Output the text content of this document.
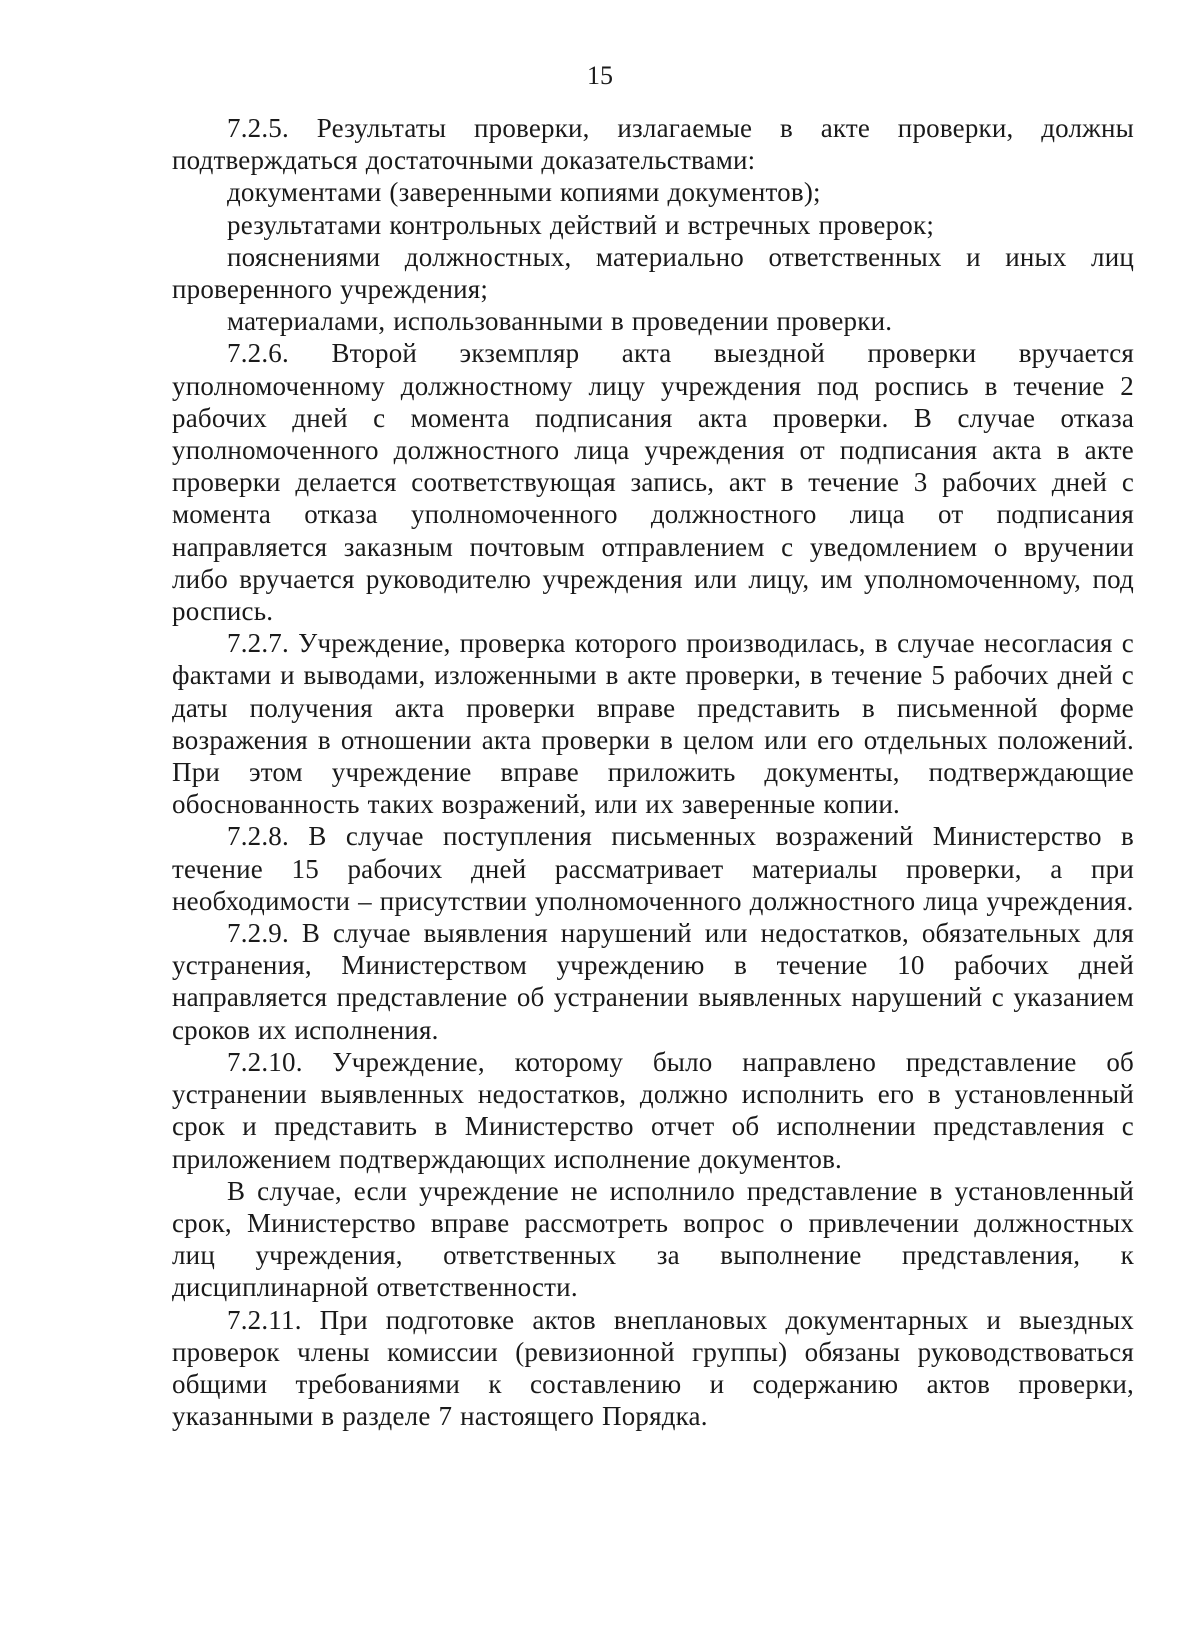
15

7.2.5. Результаты проверки, излагаемые в акте проверки, должны подтверждаться достаточными доказательствами:

документами (заверенными копиями документов);

результатами контрольных действий и встречных проверок;

пояснениями должностных, материально ответственных и иных лиц проверенного учреждения;

материалами, использованными в проведении проверки.

7.2.6. Второй экземпляр акта выездной проверки вручается уполномоченному должностному лицу учреждения под роспись в течение 2 рабочих дней с момента подписания акта проверки. В случае отказа уполномоченного должностного лица учреждения от подписания акта в акте проверки делается соответствующая запись, акт в течение 3 рабочих дней с момента отказа уполномоченного должностного лица от подписания направляется заказным почтовым отправлением с уведомлением о вручении либо вручается руководителю учреждения или лицу, им уполномоченному, под роспись.

7.2.7. Учреждение, проверка которого производилась, в случае несогласия с фактами и выводами, изложенными в акте проверки, в течение 5 рабочих дней с даты получения акта проверки вправе представить в письменной форме возражения в отношении акта проверки в целом или его отдельных положений. При этом учреждение вправе приложить документы, подтверждающие обоснованность таких возражений, или их заверенные копии.

7.2.8. В случае поступления письменных возражений Министерство в течение 15 рабочих дней рассматривает материалы проверки, а при необходимости – присутствии уполномоченного должностного лица учреждения.

7.2.9. В случае выявления нарушений или недостатков, обязательных для устранения, Министерством учреждению в течение 10 рабочих дней направляется представление об устранении выявленных нарушений с указанием сроков их исполнения.

7.2.10. Учреждение, которому было направлено представление об устранении выявленных недостатков, должно исполнить его в установленный срок и представить в Министерство отчет об исполнении представления с приложением подтверждающих исполнение документов.

В случае, если учреждение не исполнило представление в установленный срок, Министерство вправе рассмотреть вопрос о привлечении должностных лиц учреждения, ответственных за выполнение представления, к дисциплинарной ответственности.

7.2.11. При подготовке актов внеплановых документарных и выездных проверок члены комиссии (ревизионной группы) обязаны руководствоваться общими требованиями к составлению и содержанию актов проверки, указанными в разделе 7 настоящего Порядка.
